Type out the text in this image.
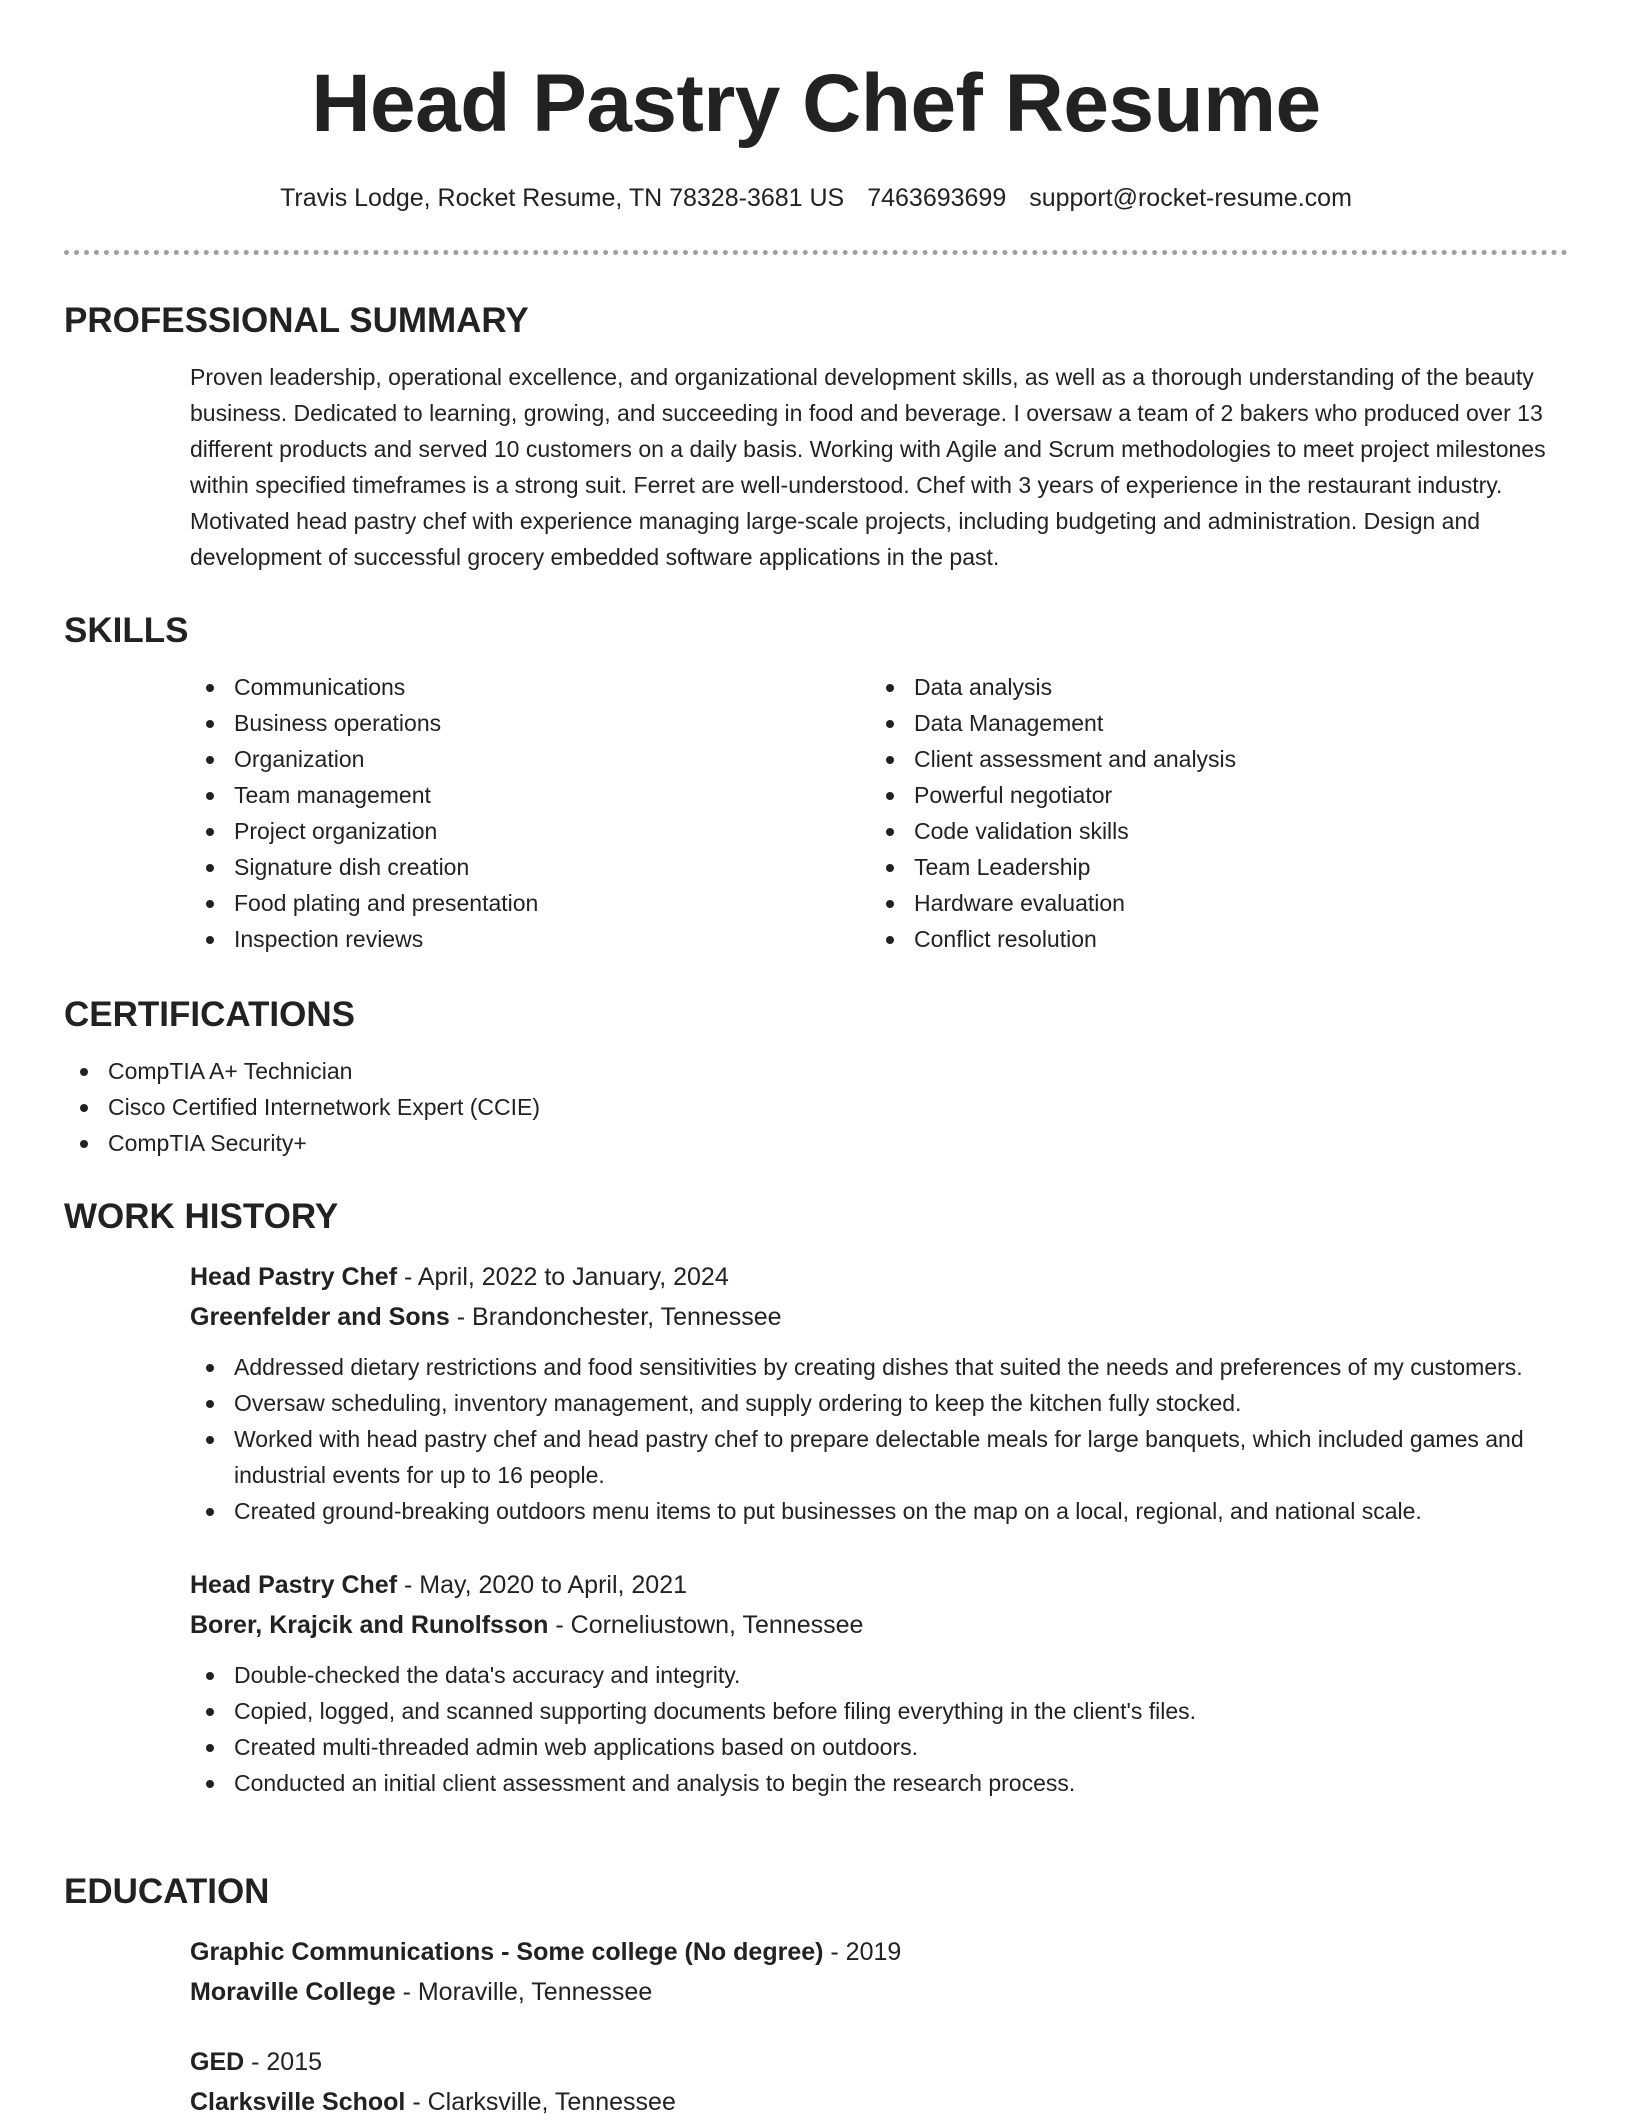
Head Pastry Chef Resume
Travis Lodge, Rocket Resume, TN 78328-3681 US 7463693699 support@rocket-resume.com
PROFESSIONAL SUMMARY

Proven leadership, operational excellence, and organizational development skills, as well as a thorough understanding of the beauty business. Dedicated to learning, growing, and succeeding in food and beverage. I oversaw a team of 2 bakers who produced over 13 different products and served 10 customers on a daily basis. Working with Agile and Scrum methodologies to meet project milestones within specified timeframes is a strong suit. Ferret are well-understood. Chef with 3 years of experience in the restaurant industry. Motivated head pastry chef with experience managing large-scale projects, including budgeting and administration. Design and development of successful grocery embedded software applications in the past.

SKILLS
Communications
Business operations
Organization
Team management
Project organization
Signature dish creation
Food plating and presentation
Inspection reviews
Data analysis
Data Management
Client assessment and analysis
Powerful negotiator
Code validation skills
Team Leadership
Hardware evaluation
Conflict resolution
CERTIFICATIONS
CompTIA A+ Technician
Cisco Certified Internetwork Expert (CCIE)
CompTIA Security+
WORK HISTORY

Head Pastry Chef - April, 2022 to January, 2024

Greenfelder and Sons - Brandonchester, Tennessee

Addressed dietary restrictions and food sensitivities by creating dishes that suited the needs and preferences of my customers.
Oversaw scheduling, inventory management, and supply ordering to keep the kitchen fully stocked.
Worked with head pastry chef and head pastry chef to prepare delectable meals for large banquets, which included games and industrial events for up to 16 people.
Created ground-breaking outdoors menu items to put businesses on the map on a local, regional, and national scale.

Head Pastry Chef - May, 2020 to April, 2021

Borer, Krajcik and Runolfsson - Corneliustown, Tennessee

Double-checked the data's accuracy and integrity.
Copied, logged, and scanned supporting documents before filing everything in the client's files.
Created multi-threaded admin web applications based on outdoors.
Conducted an initial client assessment and analysis to begin the research process.
EDUCATION

Graphic Communications - Some college (No degree) - 2019

Moraville College - Moraville, Tennessee

GED - 2015

Clarksville School - Clarksville, Tennessee
